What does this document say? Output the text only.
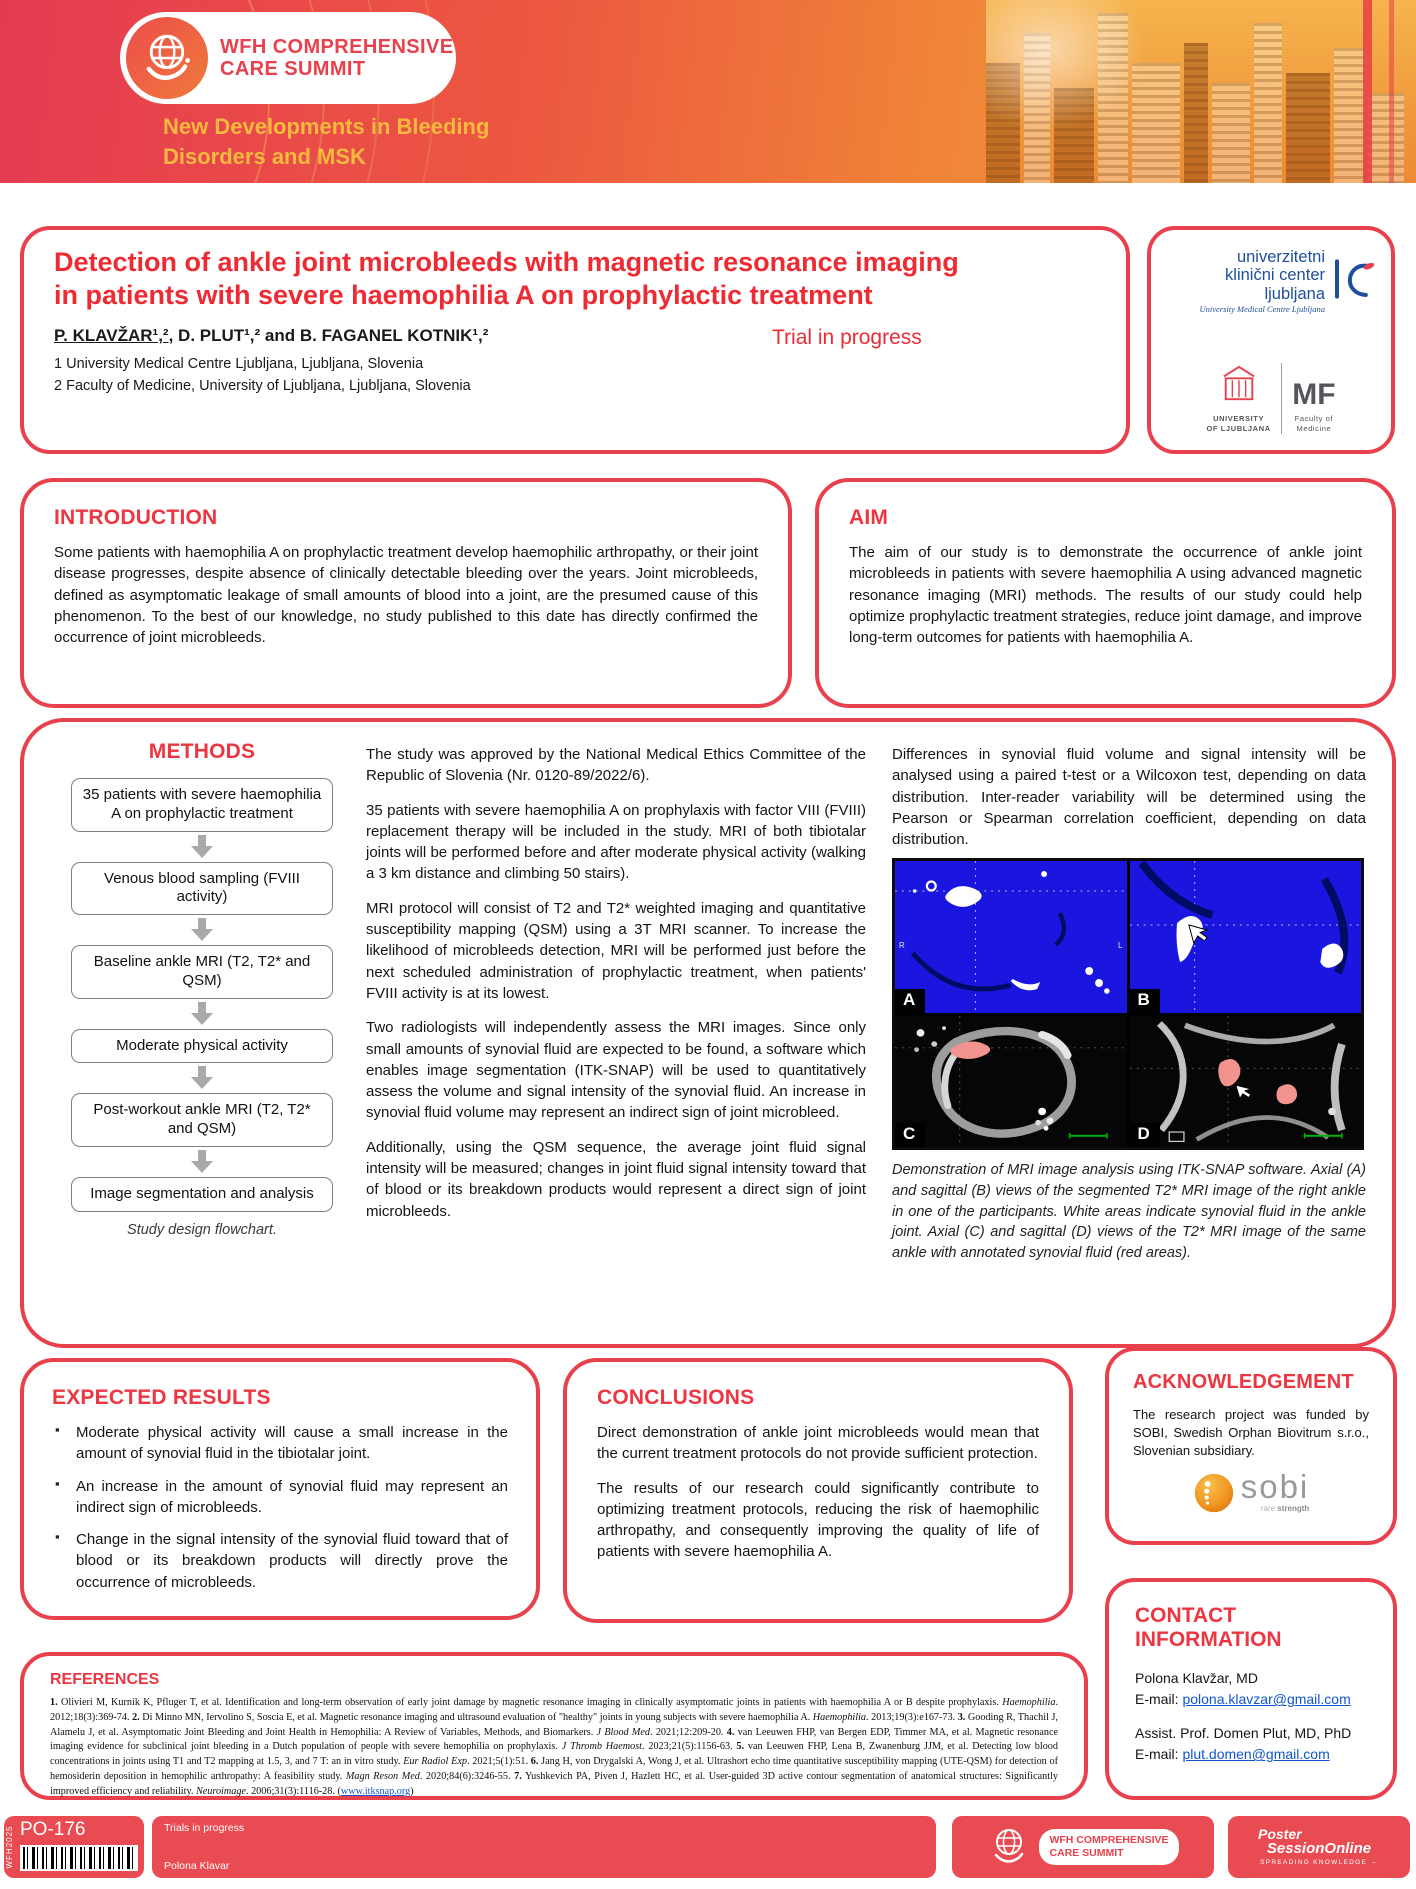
WFH COMPREHENSIVE
CARE SUMMIT
New Developments in Bleeding
Disorders and MSK
Detection of ankle joint microbleeds with magnetic resonance imaging in patients with severe haemophilia A on prophylactic treatment
P. KLAVŽAR¹,², D. PLUT¹,² and B. FAGANEL KOTNIK¹,²
1 University Medical Centre Ljubljana, Ljubljana, Slovenia
2 Faculty of Medicine, University of Ljubljana, Ljubljana, Slovenia
Trial in progress
univerzitetni
klinični center ljubljana
University Medical Centre Ljubljana
UNIVERSITY
OF LJUBLJANA
MF
Faculty of
Medicine
INTRODUCTION
Some patients with haemophilia A on prophylactic treatment develop haemophilic arthropathy, or their joint disease progresses, despite absence of clinically detectable bleeding over the years. Joint microbleeds, defined as asymptomatic leakage of small amounts of blood into a joint, are the presumed cause of this phenomenon. To the best of our knowledge, no study published to this date has directly confirmed the occurrence of joint microbleeds.
AIM
The aim of our study is to demonstrate the occurrence of ankle joint microbleeds in patients with severe haemophilia A using advanced magnetic resonance imaging (MRI) methods. The results of our study could help optimize prophylactic treatment strategies, reduce joint damage, and improve long-term outcomes for patients with haemophilia A.
METHODS
35 patients with severe haemophilia A on prophylactic treatment
Venous blood sampling (FVIII activity)
Baseline ankle MRI (T2, T2* and QSM)
Moderate physical activity
Post-workout ankle MRI (T2, T2* and QSM)
Image segmentation and analysis
Study design flowchart.

The study was approved by the National Medical Ethics Committee of the Republic of Slovenia (Nr. 0120-89/2022/6).

35 patients with severe haemophilia A on prophylaxis with factor VIII (FVIII) replacement therapy will be included in the study. MRI of both tibiotalar joints will be performed before and after moderate physical activity (walking a 3 km distance and climbing 50 stairs).

MRI protocol will consist of T2 and T2* weighted imaging and quantitative susceptibility mapping (QSM) using a 3T MRI scanner. To increase the likelihood of microbleeds detection, MRI will be performed just before the next scheduled administration of prophylactic treatment, when patients' FVIII activity is at its lowest.

Two radiologists will independently assess the MRI images. Since only small amounts of synovial fluid are expected to be found, a software which enables image segmentation (ITK-SNAP) will be used to quantitatively assess the volume and signal intensity of the synovial fluid. An increase in synovial fluid volume may represent an indirect sign of joint microbleed.

Additionally, using the QSM sequence, the average joint fluid signal intensity will be measured; changes in joint fluid signal intensity toward that of blood or its breakdown products would represent a direct sign of joint microbleeds.

Differences in synovial fluid volume and signal intensity will be analysed using a paired t-test or a Wilcoxon test, depending on data distribution. Inter-reader variability will be determined using the Pearson or Spearman correlation coefficient, depending on data distribution.
R	L
A	B
C	D
Demonstration of MRI image analysis using ITK-SNAP software. Axial (A) and sagittal (B) views of the segmented T2* MRI image of the right ankle in one of the participants. White areas indicate synovial fluid in the ankle joint. Axial (C) and sagittal (D) views of the T2* MRI image of the same ankle with annotated synovial fluid (red areas).
EXPECTED RESULTS
▪ Moderate physical activity will cause a small increase in the amount of synovial fluid in the tibiotalar joint.
▪ An increase in the amount of synovial fluid may represent an indirect sign of microbleeds.
▪ Change in the signal intensity of the synovial fluid toward that of blood or its breakdown products will directly prove the occurrence of microbleeds.
CONCLUSIONS

Direct demonstration of ankle joint microbleeds would mean that the current treatment protocols do not provide sufficient protection.

The results of our research could significantly contribute to optimizing treatment protocols, reducing the risk of haemophilic arthropathy, and consequently improving the quality of life of patients with severe haemophilia A.

ACKNOWLEDGEMENT
The research project was funded by SOBI, Swedish Orphan Biovitrum s.r.o., Slovenian subsidiary.
sobi
rare strength
CONTACT
INFORMATION
Polona Klavžar, MD
E-mail: polona.klavzar@gmail.com
Assist. Prof. Domen Plut, MD, PhD
E-mail: plut.domen@gmail.com
REFERENCES

1. Olivieri M, Kurnik K, Pfluger T, et al. Identification and long-term observation of early joint damage by magnetic resonance imaging in clinically asymptomatic joints in patients with haemophilia A or B despite prophylaxis. Haemophilia. 2012;18(3):369-74. 2. Di Minno MN, Iervolino S, Soscia E, et al. Magnetic resonance imaging and ultrasound evaluation of "healthy" joints in young subjects with severe haemophilia A. Haemophilia. 2013;19(3):e167-73. 3. Gooding R, Thachil J, Alamelu J, et al. Asymptomatic Joint Bleeding and Joint Health in Hemophilia: A Review of Variables, Methods, and Biomarkers. J Blood Med. 2021;12:209-20. 4. van Leeuwen FHP, van Bergen EDP, Timmer MA, et al. Magnetic resonance imaging evidence for subclinical joint bleeding in a Dutch population of people with severe hemophilia on prophylaxis. J Thromb Haemost. 2023;21(5):1156-63. 5. van Leeuwen FHP, Lena B, Zwanenburg JJM, et al. Detecting low blood concentrations in joints using T1 and T2 mapping at 1.5, 3, and 7 T: an in vitro study. Eur Radiol Exp. 2021;5(1):51. 6. Jang H, von Drygalski A, Wong J, et al. Ultrashort echo time quantitative susceptibility mapping (UTE-QSM) for detection of hemosiderin deposition in hemophilic arthropathy: A feasibility study. Magn Reson Med. 2020;84(6):3246-55. 7. Yushkevich PA, Piven J, Hazlett HC, et al. User-guided 3D active contour segmentation of anatomical structures: Significantly improved efficiency and reliability. Neuroimage. 2006;31(3):1116-28. (www.itksnap.org)

WFH2025 PO-176	Trials in progress
Polona Klavar
WFH COMPREHENSIVE
CARE SUMMIT
Poster
SessionOnline
SPREADING KNOWLEDGE →
